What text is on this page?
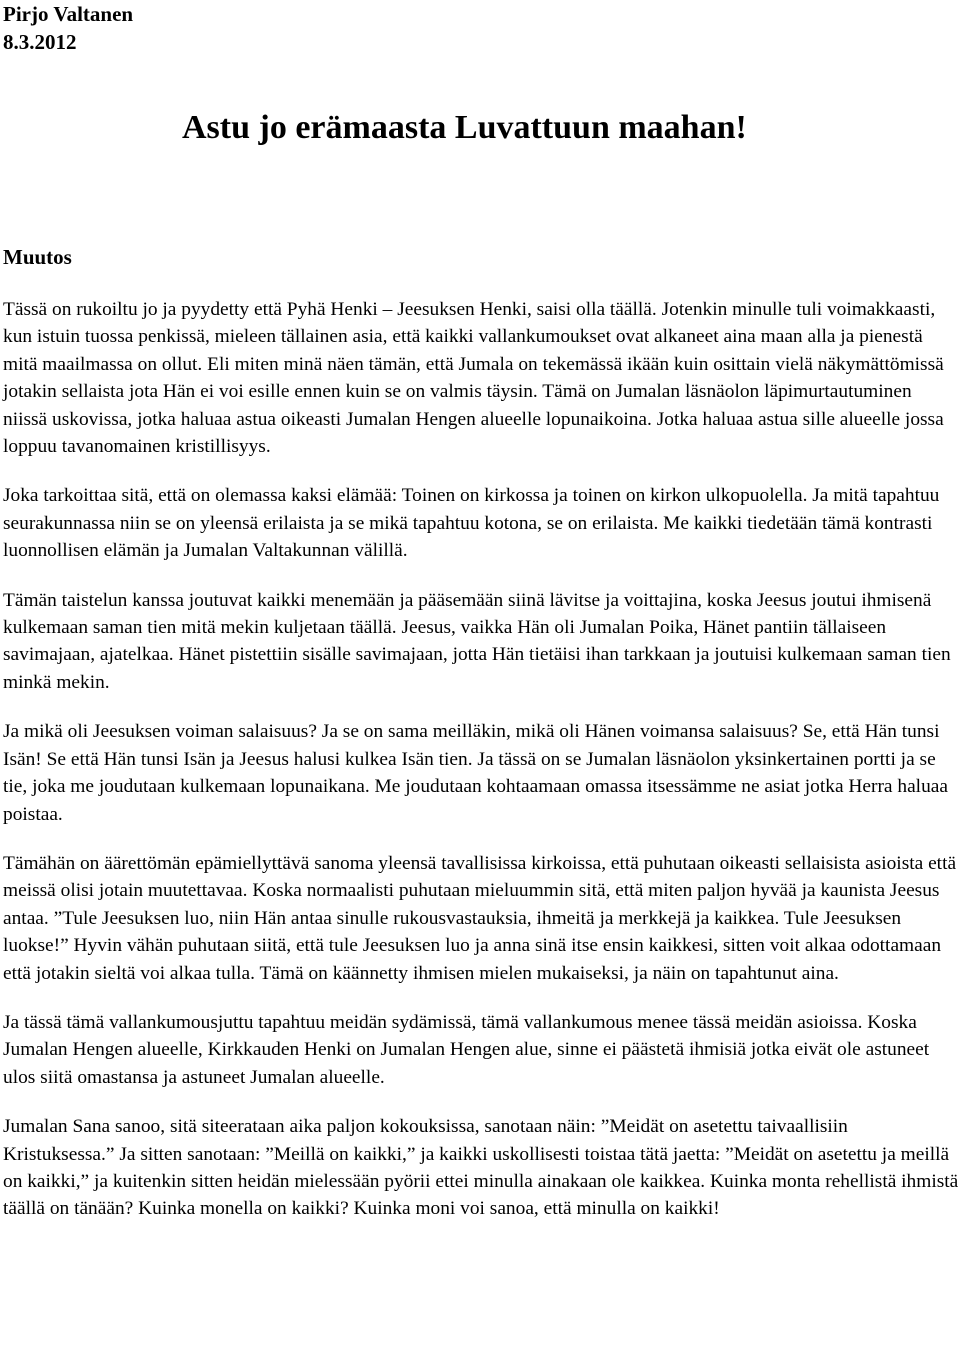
Pirjo Valtanen

8.3.2012

Astu jo erämaasta Luvattuun maahan!
Muutos

Tässä on rukoiltu jo ja pyydetty että Pyhä Henki – Jeesuksen Henki, saisi olla täällä. Jotenkin minulle tuli voimakkaasti, kun istuin tuossa penkissä, mieleen tällainen asia, että kaikki vallankumoukset ovat alkaneet aina maan alla ja pienestä mitä maailmassa on ollut. Eli miten minä näen tämän, että Jumala on tekemässä ikään kuin osittain vielä näkymättömissä jotakin sellaista jota Hän ei voi esille ennen kuin se on valmis täysin. Tämä on Jumalan läsnäolon läpimurtautuminen niissä uskovissa, jotka haluaa astua oikeasti Jumalan Hengen alueelle lopunaikoina. Jotka haluaa astua sille alueelle jossa loppuu tavanomainen kristillisyys.

Joka tarkoittaa sitä, että on olemassa kaksi elämää: Toinen on kirkossa ja toinen on kirkon ulkopuolella. Ja mitä tapahtuu seurakunnassa niin se on yleensä erilaista ja se mikä tapahtuu kotona, se on erilaista. Me kaikki tiedetään tämä kontrasti luonnollisen elämän ja Jumalan Valtakunnan välillä.

Tämän taistelun kanssa joutuvat kaikki menemään ja pääsemään siinä lävitse ja voittajina, koska Jeesus joutui ihmisenä kulkemaan saman tien mitä mekin kuljetaan täällä. Jeesus, vaikka Hän oli Jumalan Poika, Hänet pantiin tällaiseen savimajaan, ajatelkaa. Hänet pistettiin sisälle savimajaan, jotta Hän tietäisi ihan tarkkaan ja joutuisi kulkemaan saman tien minkä mekin.

Ja mikä oli Jeesuksen voiman salaisuus? Ja se on sama meilläkin, mikä oli Hänen voimansa salaisuus? Se, että Hän tunsi Isän! Se että Hän tunsi Isän ja Jeesus halusi kulkea Isän tien. Ja tässä on se Jumalan läsnäolon yksinkertainen portti ja se tie, joka me joudutaan kulkemaan lopunaikana. Me joudutaan kohtaamaan omassa itsessämme ne asiat jotka Herra haluaa poistaa.

Tämähän on äärettömän epämiellyttävä sanoma yleensä tavallisissa kirkoissa, että puhutaan oikeasti sellaisista asioista että meissä olisi jotain muutettavaa. Koska normaalisti puhutaan mieluummin sitä, että miten paljon hyvää ja kaunista Jeesus antaa. ”Tule Jeesuksen luo, niin Hän antaa sinulle rukousvastauksia, ihmeitä ja merkkejä ja kaikkea. Tule Jeesuksen luokse!” Hyvin vähän puhutaan siitä, että tule Jeesuksen luo ja anna sinä itse ensin kaikkesi, sitten voit alkaa odottamaan että jotakin sieltä voi alkaa tulla. Tämä on käännetty ihmisen mielen mukaiseksi, ja näin on tapahtunut aina.

Ja tässä tämä vallankumousjuttu tapahtuu meidän sydämissä, tämä vallankumous menee tässä meidän asioissa. Koska Jumalan Hengen alueelle, Kirkkauden Henki on Jumalan Hengen alue, sinne ei päästetä ihmisiä jotka eivät ole astuneet ulos siitä omastansa ja astuneet Jumalan alueelle.

Jumalan Sana sanoo, sitä siteerataan aika paljon kokouksissa, sanotaan näin: ”Meidät on asetettu taivaallisiin Kristuksessa.” Ja sitten sanotaan: ”Meillä on kaikki,” ja kaikki uskollisesti toistaa tätä jaetta: ”Meidät on asetettu ja meillä on kaikki,” ja kuitenkin sitten heidän mielessään pyörii ettei minulla ainakaan ole kaikkea. Kuinka monta rehellistä ihmistä täällä on tänään? Kuinka monella on kaikki? Kuinka moni voi sanoa, että minulla on kaikki!
